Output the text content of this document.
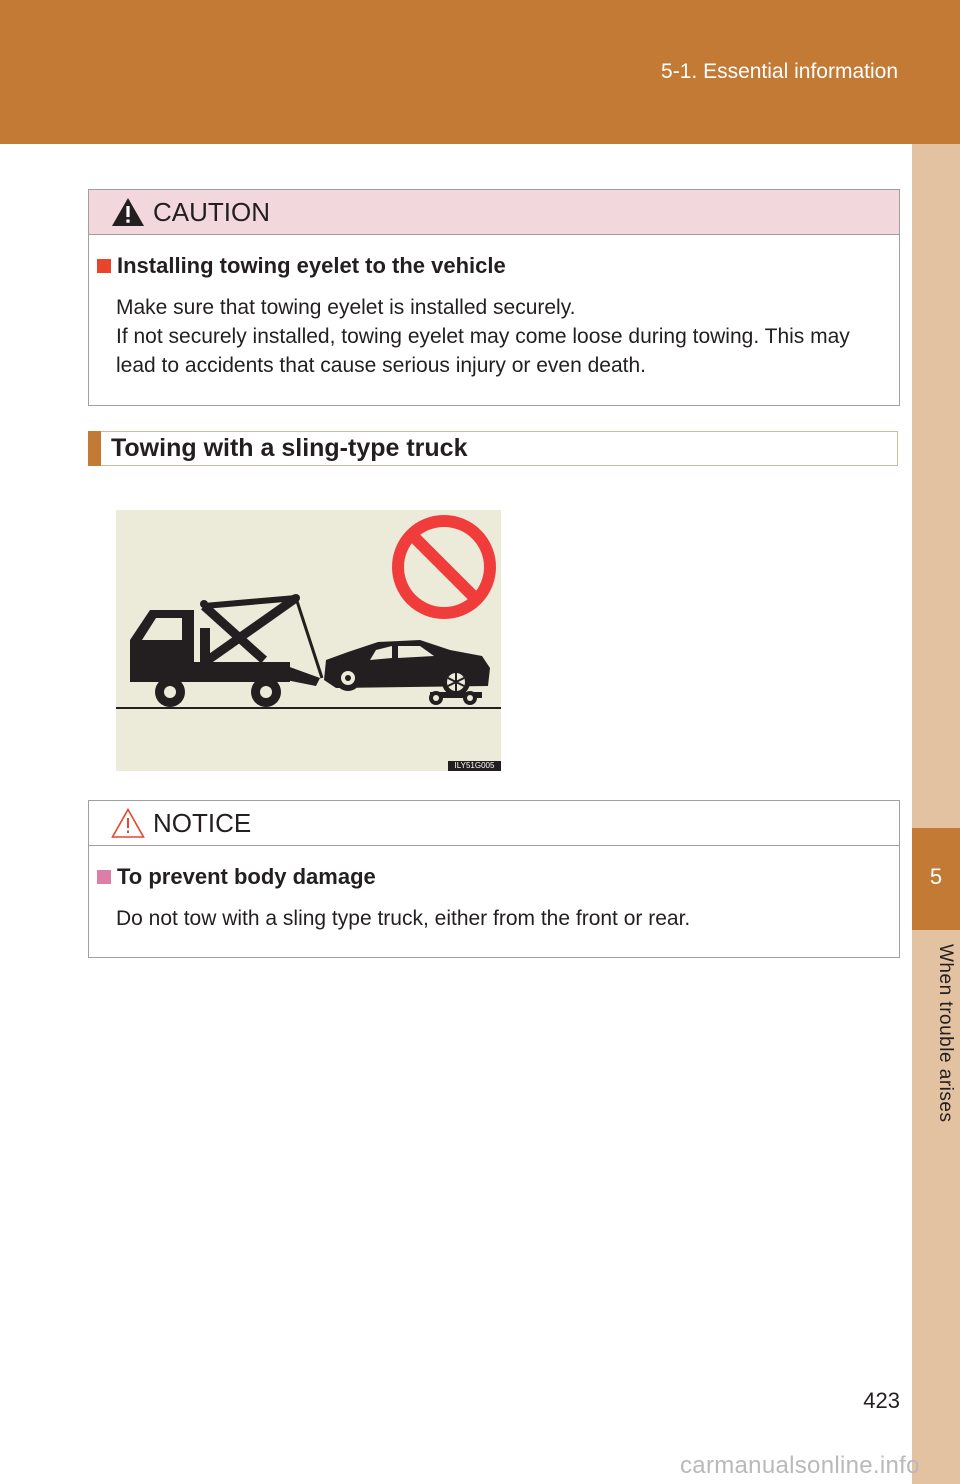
5-1. Essential information
5
When trouble arises
CAUTION
Installing towing eyelet to the vehicle
Make sure that towing eyelet is installed securely.
If not securely installed, towing eyelet may come loose during towing. This may lead to accidents that cause serious injury or even death.
Towing with a sling-type truck
ILY51G005
NOTICE
To prevent body damage
Do not tow with a sling type truck, either from the front or rear.
423
carmanualsonline.info
